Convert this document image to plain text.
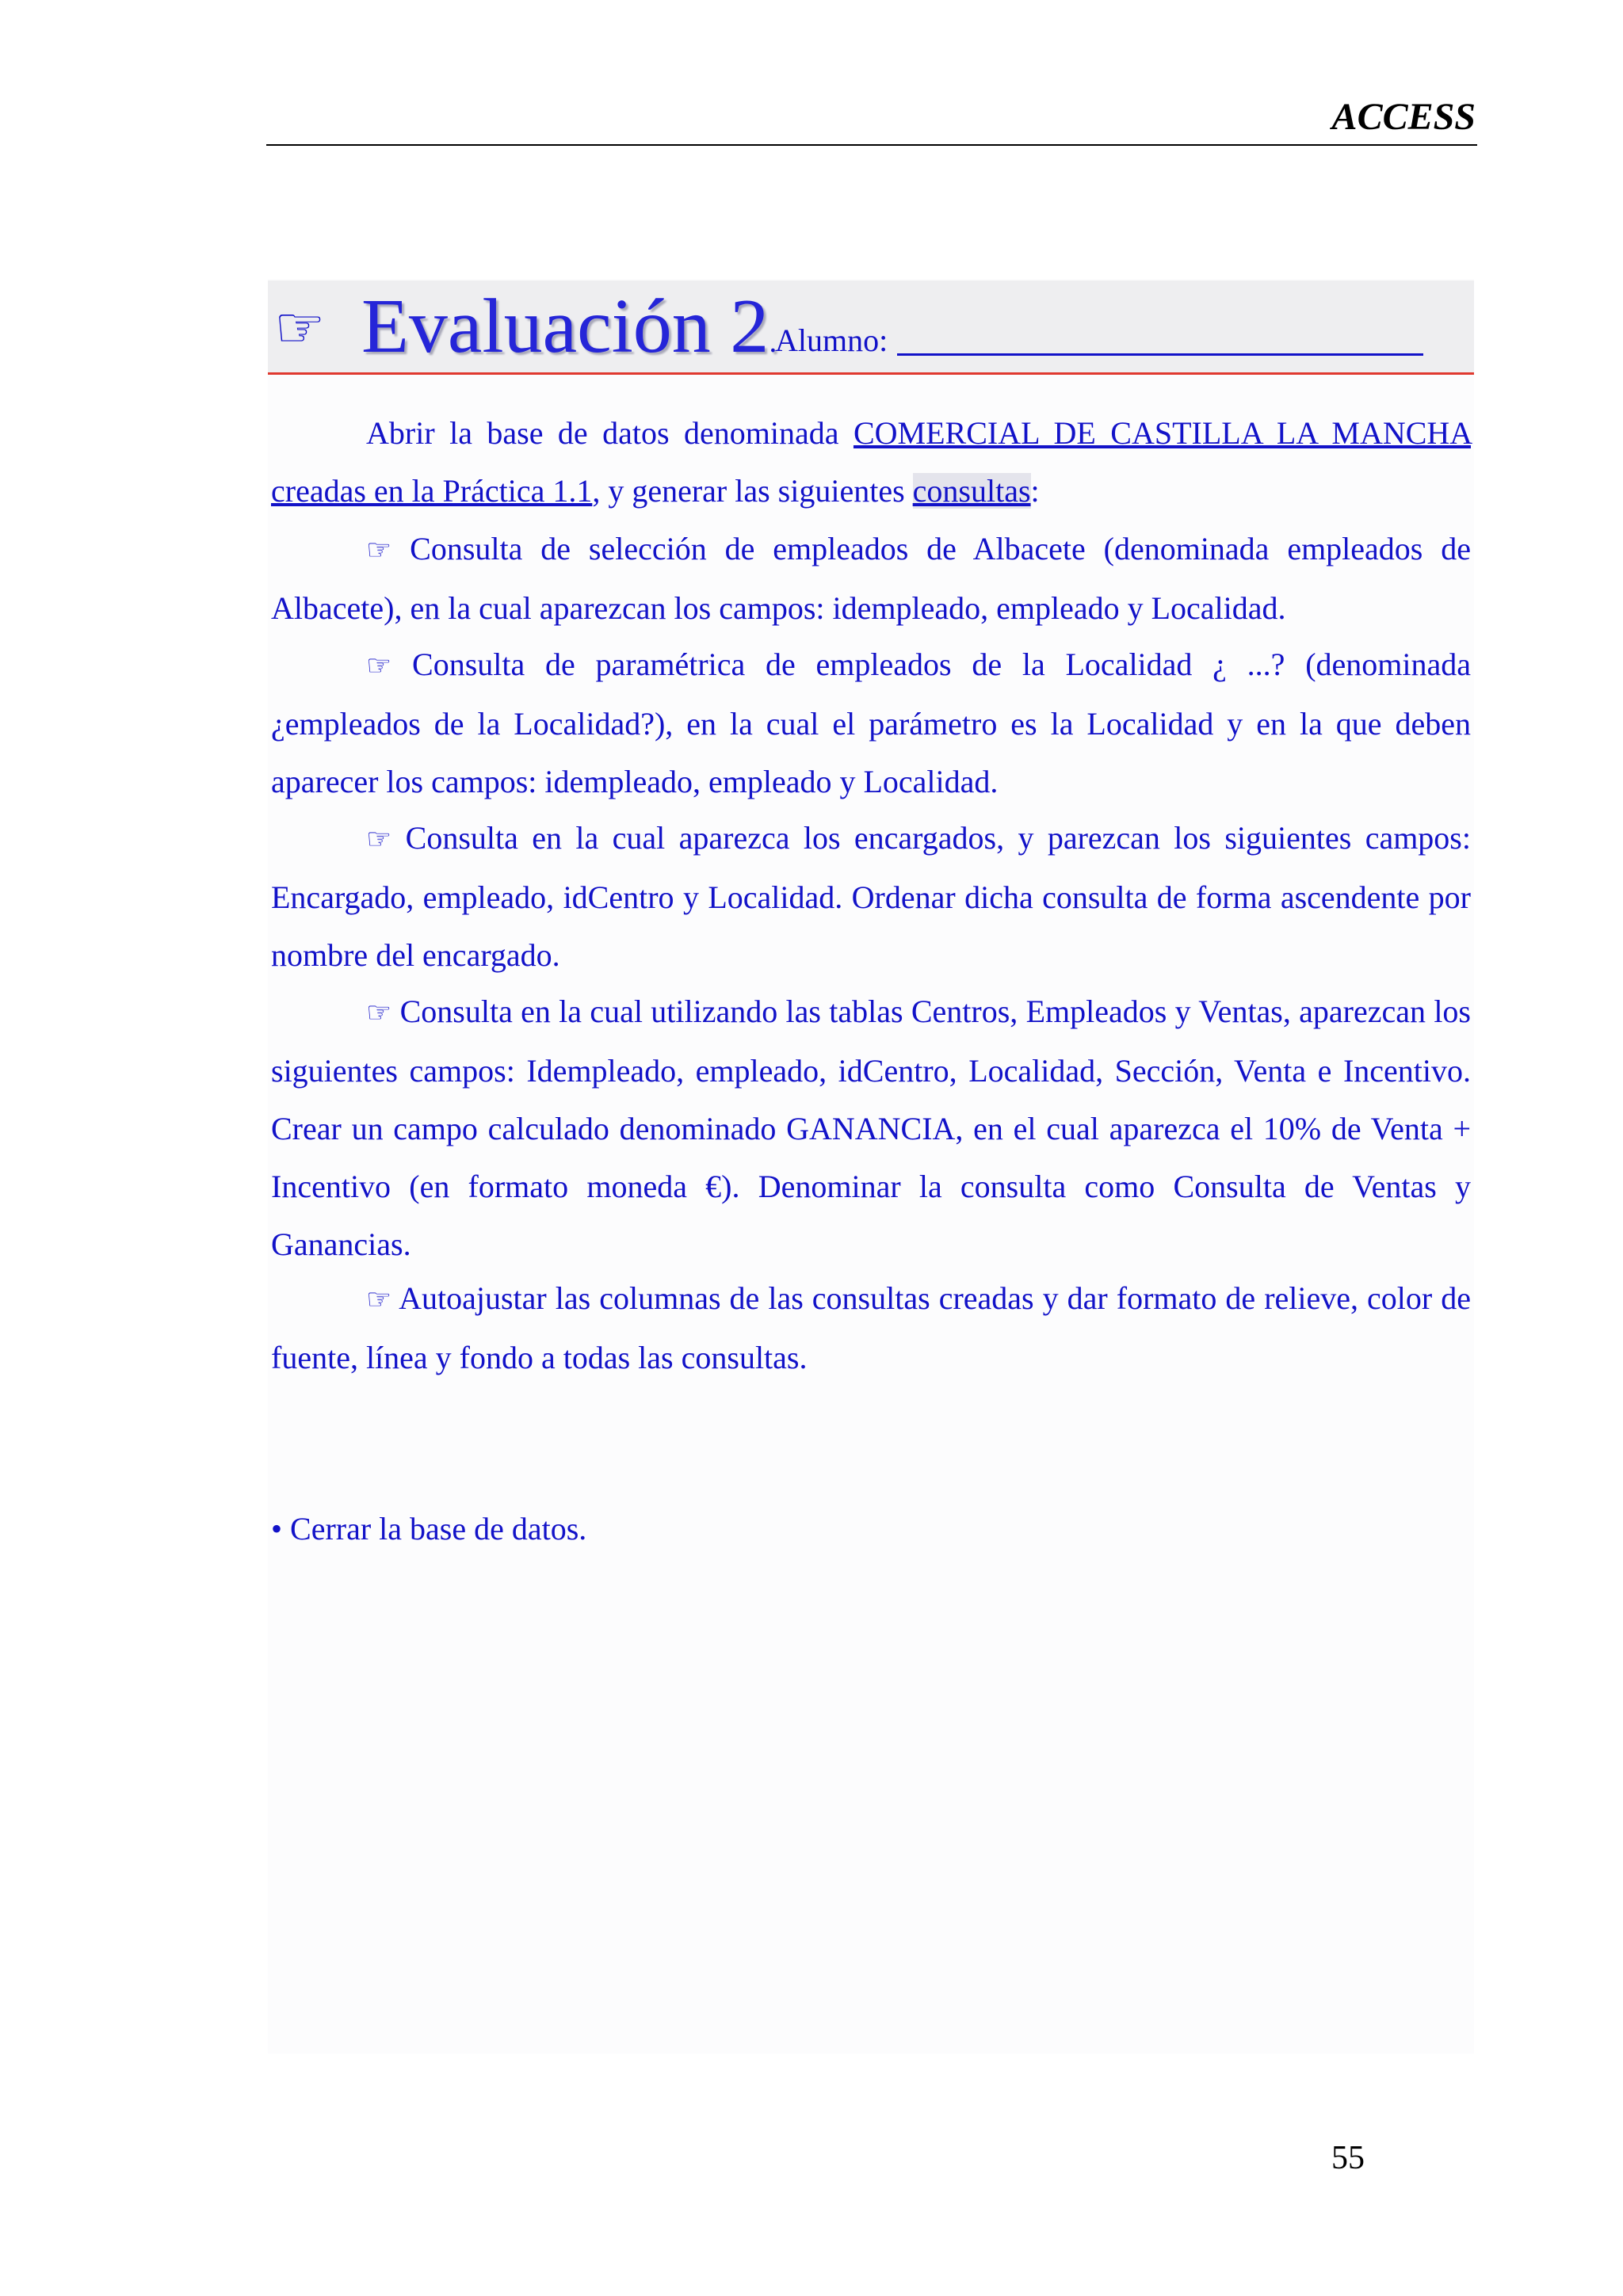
ACCESS
☞ Evaluación 2.
Alumno:
Abrir la base de datos denominada COMERCIAL DE CASTILLA LA MANCHA creadas en la Práctica 1.1, y generar las siguientes consultas:
☞ Consulta de selección de empleados de Albacete (denominada empleados de Albacete), en la cual aparezcan los campos: idempleado, empleado y Localidad.
☞ Consulta de paramétrica de empleados de la Localidad ¿ ...? (denominada ¿empleados de la Localidad?), en la cual el parámetro es la Localidad y en la que deben aparecer los campos: idempleado, empleado y Localidad.
☞ Consulta en la cual aparezca los encargados, y parezcan los siguientes campos: Encargado, empleado, idCentro y Localidad. Ordenar dicha consulta de forma ascendente por nombre del encargado.
☞ Consulta en la cual utilizando las tablas Centros, Empleados y Ventas, aparezcan los siguientes campos: Idempleado, empleado, idCentro, Localidad, Sección, Venta e Incentivo. Crear un campo calculado denominado GANANCIA, en el cual aparezca el 10% de Venta + Incentivo (en formato moneda €). Denominar la consulta como Consulta de Ventas y Ganancias.
☞ Autoajustar las columnas de las consultas creadas y dar formato de relieve, color de fuente, línea y fondo a todas las consultas.
• Cerrar la base de datos.
55
